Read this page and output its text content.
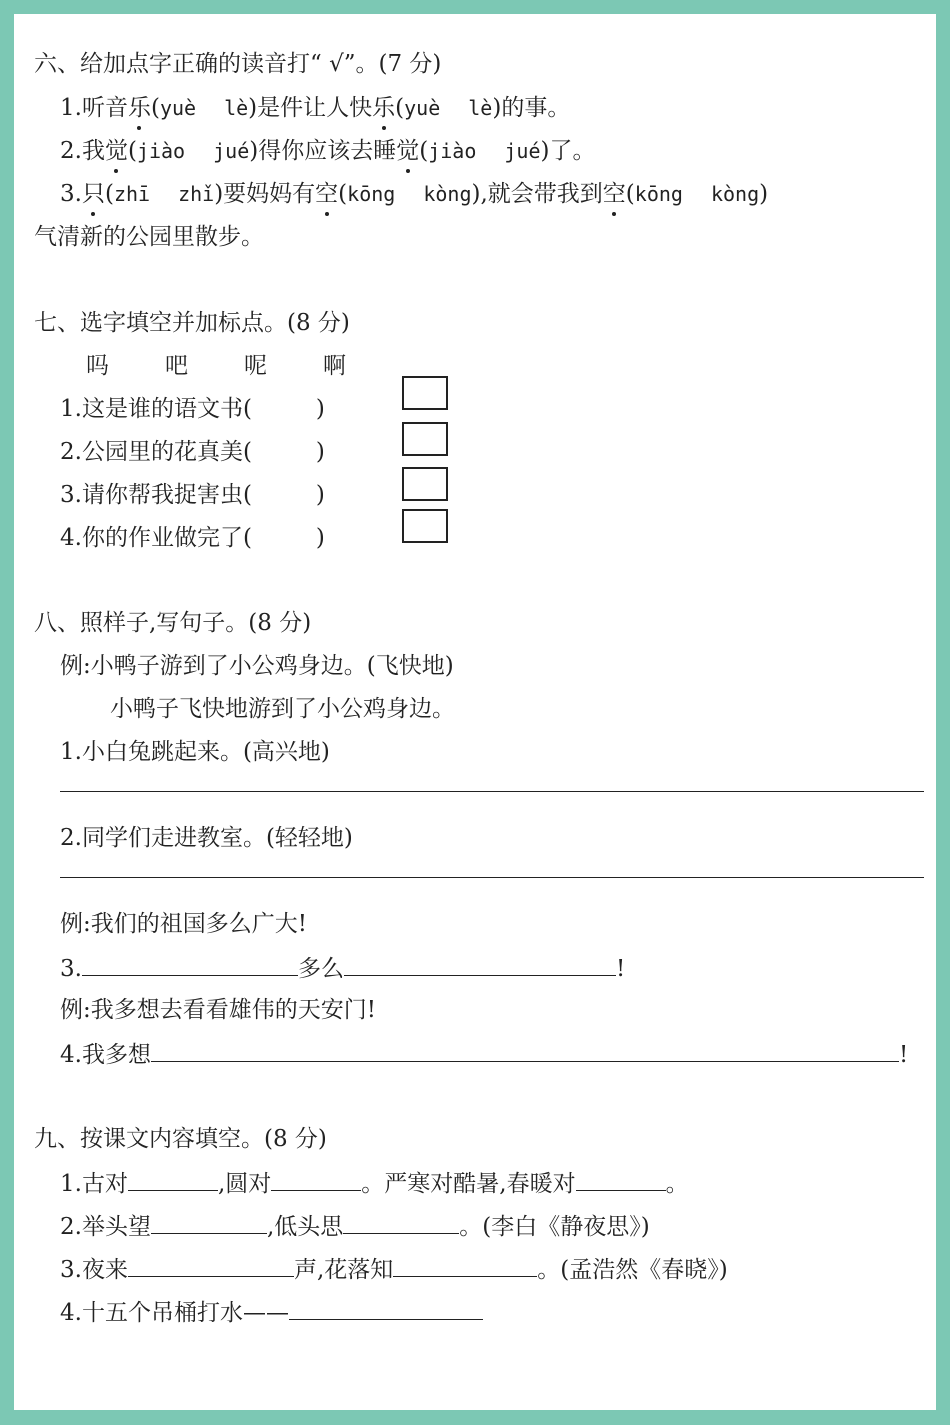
六、给加点字正确的读音打“ √”。(7 分)
1.听音乐(yuè lè)是件让人快乐(yuè lè)的事。
2.我觉(jiào jué)得你应该去睡觉(jiào jué)了。
3.只(zhī zhǐ)要妈妈有空(kōng kòng),就会带我到空(kōng kòng)
气清新的公园里散步。
七、选字填空并加标点。(8 分)
吗 吧 呢 啊
1.这是谁的语文书(	)
2.公园里的花真美(	)
3.请你帮我捉害虫(	)
4.你的作业做完了(	)
八、照样子,写句子。(8 分)
例:小鸭子游到了小公鸡身边。(飞快地)
小鸭子飞快地游到了小公鸡身边。
1.小白兔跳起来。(高兴地)
2.同学们走进教室。(轻轻地)
例:我们的祖国多么广大!
3.	多么	!
例:我多想去看看雄伟的天安门!
4.我多想	!
九、按课文内容填空。(8 分)
1.古对	,圆对	。严寒对酷暑,春暖对	。
2.举头望	,低头思	。(李白《静夜思》)
3.夜来	声,花落知	。(孟浩然《春晓》)
4.十五个吊桶打水——
